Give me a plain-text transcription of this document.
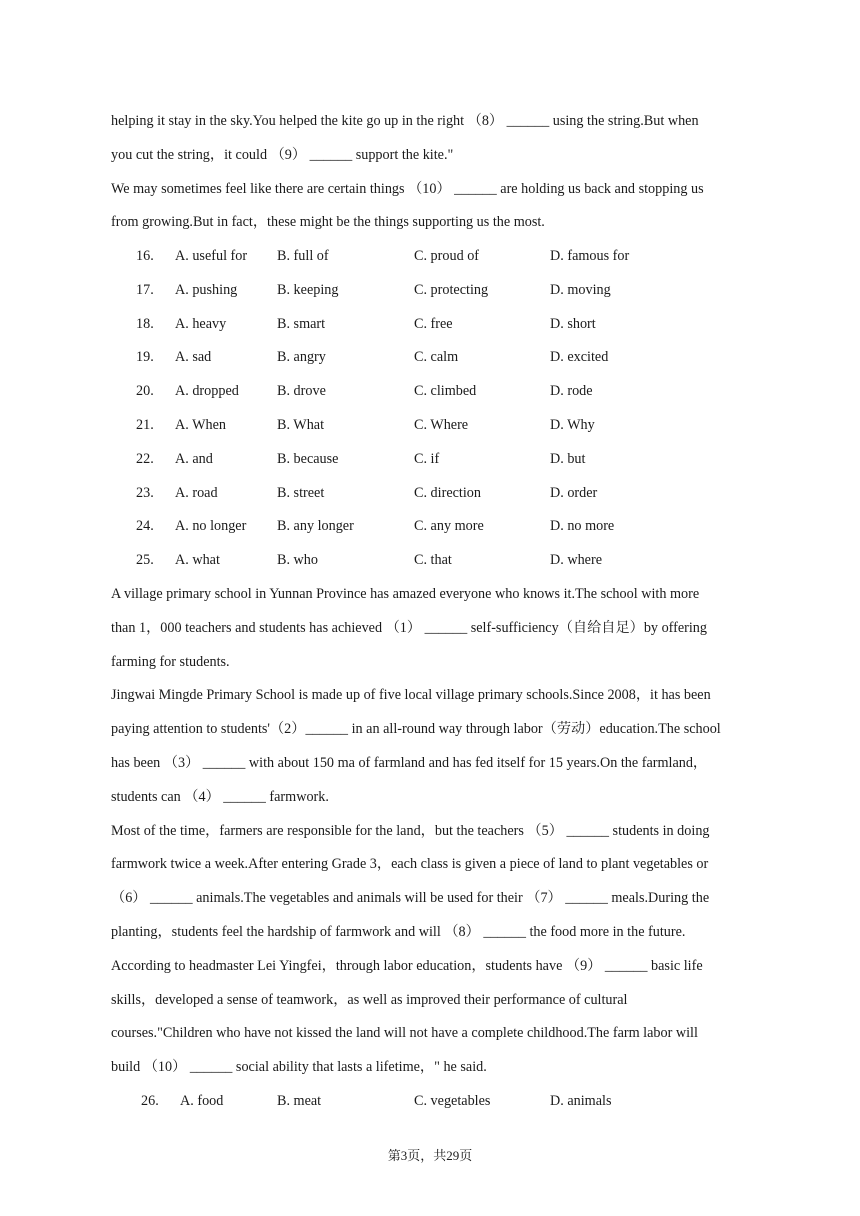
helping it stay in the sky.You helped the kite go up in the right （8） ______ using the string.But when

you cut the string，it could （9） ______ support the kite."

We may sometimes feel like there are certain things （10） ______ are holding us back and stopping us

from growing.But in fact，these might be the things supporting us the most.

16. A. useful for B. full of	C. proud of	D. famous for
17. A. pushing	B. keeping	C. protecting	D. moving
18. A. heavy	B. smart	C. free	D. short
19. A. sad	B. angry	C. calm	D. excited
20. A. dropped	B. drove	C. climbed	D. rode
21. A. When	B. What	C. Where	D. Why
22. A. and	B. because	C. if	D. but
23. A. road	B. street	C. direction	D. order
24. A. no longer B. any longer	C. any more	D. no more
25. A. what	B. who	C. that	D. where

A village primary school in Yunnan Province has amazed everyone who knows it.The school with more

than 1，000 teachers and students has achieved （1） ______ self-sufficiency（自给自足）by offering

farming for students.

Jingwai Mingde Primary School is made up of five local village primary schools.Since 2008，it has been

paying attention to students'（2）______ in an all-round way through labor（劳动）education.The school

has been （3） ______ with about 150 ma of farmland and has fed itself for 15 years.On the farmland，

students can （4） ______ farmwork.

Most of the time，farmers are responsible for the land，but the teachers （5） ______ students in doing

farmwork twice a week.After entering Grade 3，each class is given a piece of land to plant vegetables or

（6） ______ animals.The vegetables and animals will be used for their （7） ______ meals.During the

planting，students feel the hardship of farmwork and will （8） ______ the food more in the future.

According to headmaster Lei Yingfei，through labor education，students have （9） ______ basic life

skills，developed a sense of teamwork，as well as improved their performance of cultural

courses."Children who have not kissed the land will not have a complete childhood.The farm labor will

build （10） ______ social ability that lasts a lifetime，" he said.

26. A. food	B. meat	C. vegetables	D. animals
第3页，共29页
